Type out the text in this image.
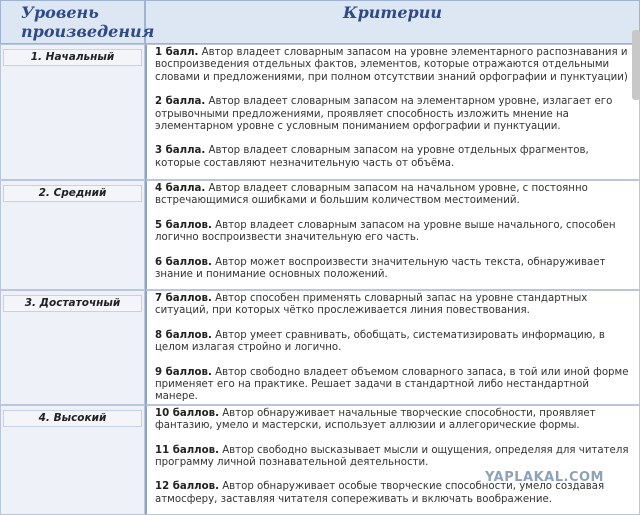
Уровень произведения	Критерии

1. Начальный	1 балл. Автор владеет словарным запасом на уровне элементарного распознавания и воспроизведения отдельных фактов, элементов, которые отражаются отдельными словами и предложениями, при полном отсутствии знаний орфографии и пунктуации)
2 балла. Автор владеет словарным запасом на элементарном уровне, излагает его отрывочными предложениями, проявляет способность изложить мнение на элементарном уровне с условным пониманием орфографии и пунктуации.
3 балла. Автор владеет словарным запасом на уровне отдельных фрагментов, которые составляют незначительную часть от объёма.

2. Средний	4 балла. Автор владеет словарным запасом на начальном уровне, с постоянно встречающимися ошибками и большим количеством местоимений.
5 баллов. Автор владеет словарным запасом на уровне выше начального, способен логично воспроизвести значительную его часть.
6 баллов. Автор может воспроизвести значительную часть текста, обнаруживает знание и понимание основных положений.

3. Достаточный	7 баллов. Автор способен применять словарный запас на уровне стандартных ситуаций, при которых чётко прослеживается линия повествования.
8 баллов. Автор умеет сравнивать, обобщать, систематизировать информацию, в целом излагая стройно и логично.
9 баллов. Автор свободно владеет объемом словарного запаса, в той или иной форме применяет его на практике. Решает задачи в стандартной либо нестандартной манере.

4. Высокий	10 баллов. Автор обнаруживает начальные творческие способности, проявляет фантазию, умело и мастерски, использует аллюзии и аллегорические формы.
11 баллов. Автор свободно высказывает мысли и ощущения, определяя для читателя программу личной познавательной деятельности.
12 баллов. Автор обнаруживает особые творческие способности, умело создавая атмосферу, заставляя читателя сопереживать и включать воображение.
YAPLAKAL.COM
